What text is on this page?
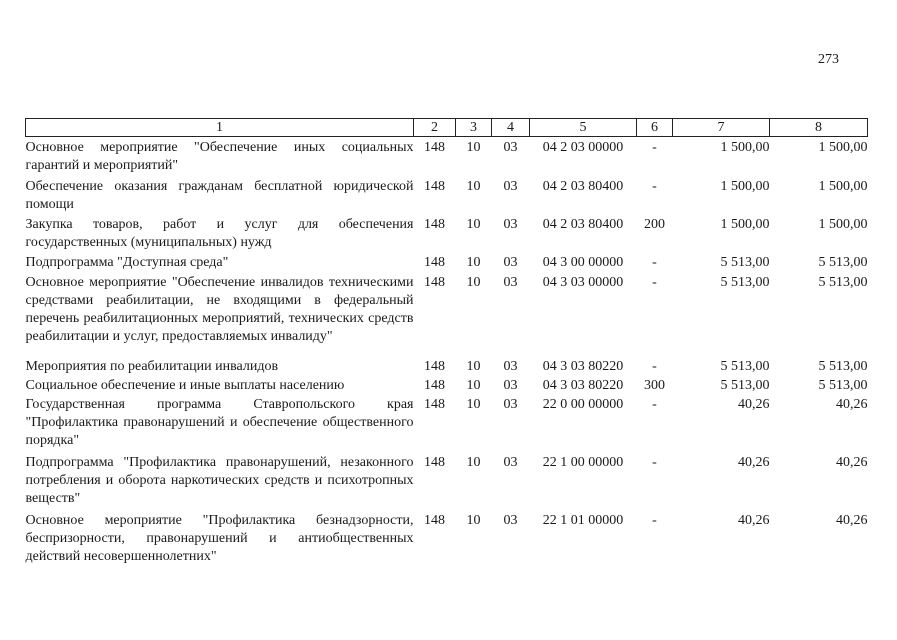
273
1	2	3	4	5	6	7	8
Основное мероприятие "Обеспечение иных социальных гарантий и мероприятий"	148	10	03	04 2 03 00000	-	1 500,00	1 500,00
Обеспечение оказания гражданам бесплатной юридической помощи	148	10	03	04 2 03 80400	-	1 500,00	1 500,00
Закупка товаров, работ и услуг для обеспечения государственных (муниципальных) нужд	148	10	03	04 2 03 80400	200	1 500,00	1 500,00
Подпрограмма "Доступная среда"	148	10	03	04 3 00 00000	-	5 513,00	5 513,00
Основное мероприятие "Обеспечение инвалидов техническими средствами реабилитации, не входящими в федеральный перечень реабилитационных мероприятий, технических средств реабилитации и услуг, предоставляемых инвалиду"	148	10	03	04 3 03 00000	-	5 513,00	5 513,00
Мероприятия по реабилитации инвалидов	148	10	03	04 3 03 80220	-	5 513,00	5 513,00
Социальное обеспечение и иные выплаты населению	148	10	03	04 3 03 80220	300	5 513,00	5 513,00
Государственная программа Ставропольского края "Профилактика правонарушений и обеспечение общественного порядка"	148	10	03	22 0 00 00000	-	40,26	40,26
Подпрограмма "Профилактика правонарушений, незаконного потребления и оборота наркотических средств и психотропных веществ"	148	10	03	22 1 00 00000	-	40,26	40,26
Основное мероприятие "Профилактика безнадзорности, беспризорности, правонарушений и антиобщественных действий несовершеннолетних"	148	10	03	22 1 01 00000	-	40,26	40,26
